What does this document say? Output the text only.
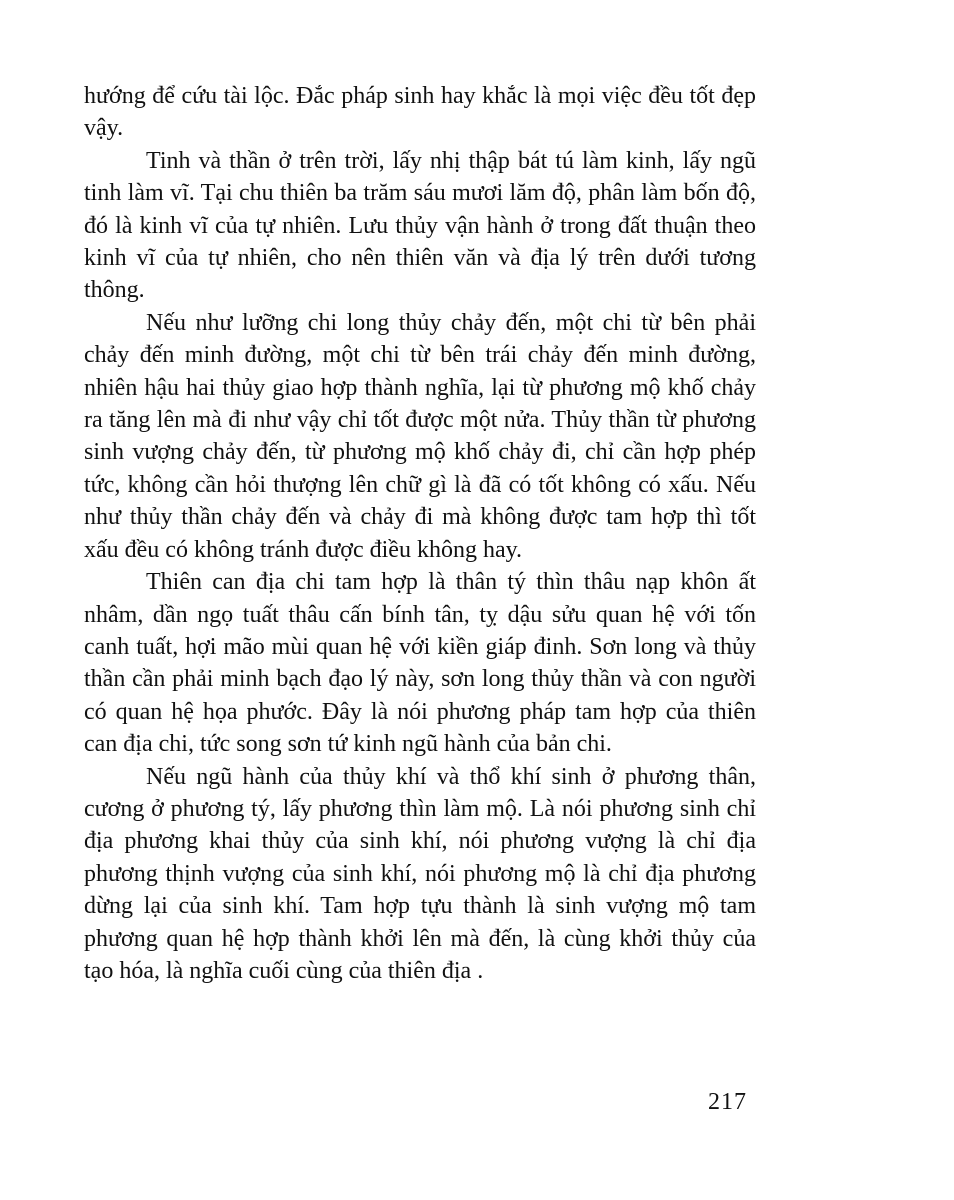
hướng để cứu tài lộc. Đắc pháp sinh hay khắc là mọi việc đều tốt đẹp vậy.

Tinh và thần ở trên trời, lấy nhị thập bát tú làm kinh, lấy ngũ tinh làm vĩ. Tại chu thiên ba trăm sáu mươi lăm độ, phân làm bốn độ, đó là kinh vĩ của tự nhiên. Lưu thủy vận hành ở trong đất thuận theo kinh vĩ của tự nhiên, cho nên thiên văn và địa lý trên dưới tương thông.

Nếu như lưỡng chi long thủy chảy đến, một chi từ bên phải chảy đến minh đường, một chi từ bên trái chảy đến minh đường, nhiên hậu hai thủy giao hợp thành nghĩa, lại từ phương mộ khố chảy ra tăng lên mà đi như vậy chỉ tốt được một nửa. Thủy thần từ phương sinh vượng chảy đến, từ phương mộ khố chảy đi, chỉ cần hợp phép tức, không cần hỏi thượng lên chữ gì là đã có tốt không có xấu. Nếu như thủy thần chảy đến và chảy đi mà không được tam hợp thì tốt xấu đều có không tránh được điều không hay.

Thiên can địa chi tam hợp là thân tý thìn thâu nạp khôn ất nhâm, dần ngọ tuất thâu cấn bính tân, tỵ dậu sửu quan hệ với tốn canh tuất, hợi mão mùi quan hệ với kiền giáp đinh. Sơn long và thủy thần cần phải minh bạch đạo lý này, sơn long thủy thần và con người có quan hệ họa phước. Đây là nói phương pháp tam hợp của thiên can địa chi, tức song sơn tứ kinh ngũ hành của bản chi.

Nếu ngũ hành của thủy khí và thổ khí sinh ở phương thân, cương ở phương tý, lấy phương thìn làm mộ. Là nói phương sinh chỉ địa phương khai thủy của sinh khí, nói phương vượng là chỉ địa phương thịnh vượng của sinh khí, nói phương mộ là chỉ địa phương dừng lại của sinh khí. Tam hợp tựu thành là sinh vượng mộ tam phương quan hệ hợp thành khởi lên mà đến, là cùng khởi thủy của tạo hóa, là nghĩa cuối cùng của thiên địa .

217
